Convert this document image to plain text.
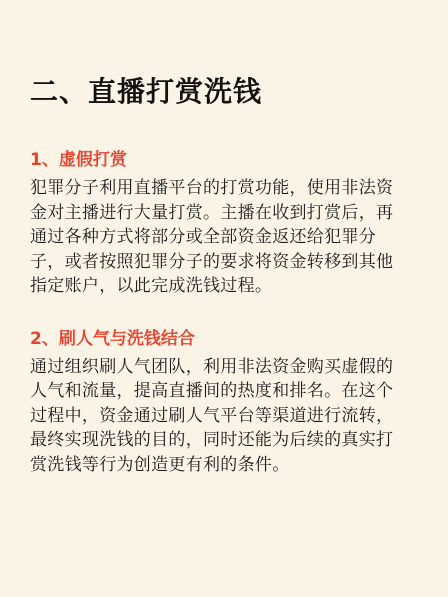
二、直播打赏洗钱
1、虚假打赏
犯罪分子利用直播平台的打赏功能，使用非法资
金对主播进行大量打赏。主播在收到打赏后，再
通过各种方式将部分或全部资金返还给犯罪分
子，或者按照犯罪分子的要求将资金转移到其他
指定账户，以此完成洗钱过程。
2、刷人气与洗钱结合
通过组织刷人气团队，利用非法资金购买虚假的
人气和流量，提高直播间的热度和排名。在这个
过程中，资金通过刷人气平台等渠道进行流转，
最终实现洗钱的目的，同时还能为后续的真实打
赏洗钱等行为创造更有利的条件。
